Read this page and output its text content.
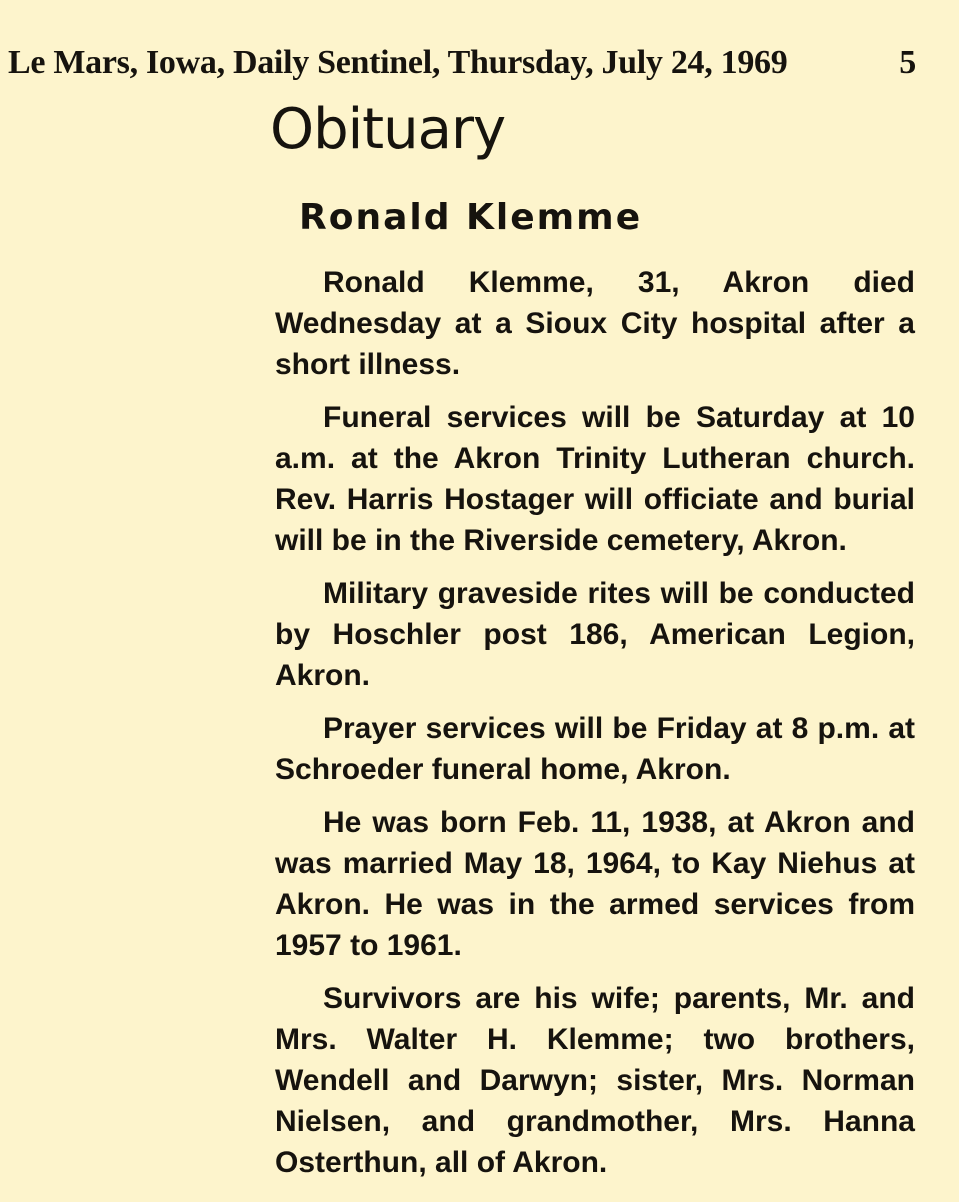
Le Mars, Iowa, Daily Sentinel, Thursday, July 24, 1969	5
Obituary
Ronald Klemme

Ronald Klemme, 31, Akron died Wednesday at a Sioux City hospital after a short illness.

Funeral services will be Saturday at 10 a.m. at the Akron Trinity Lutheran church. Rev. Harris Hostager will officiate and burial will be in the Riverside cemetery, Akron.

Military graveside rites will be conducted by Hoschler post 186, American Legion, Akron.

Prayer services will be Friday at 8 p.m. at Schroeder funeral home, Akron.

He was born Feb. 11, 1938, at Akron and was married May 18, 1964, to Kay Niehus at Akron. He was in the armed services from 1957 to 1961.

Survivors are his wife; parents, Mr. and Mrs. Walter H. Klemme; two brothers, Wendell and Darwyn; sister, Mrs. Norman Nielsen, and grandmother, Mrs. Hanna Osterthun, all of Akron.
